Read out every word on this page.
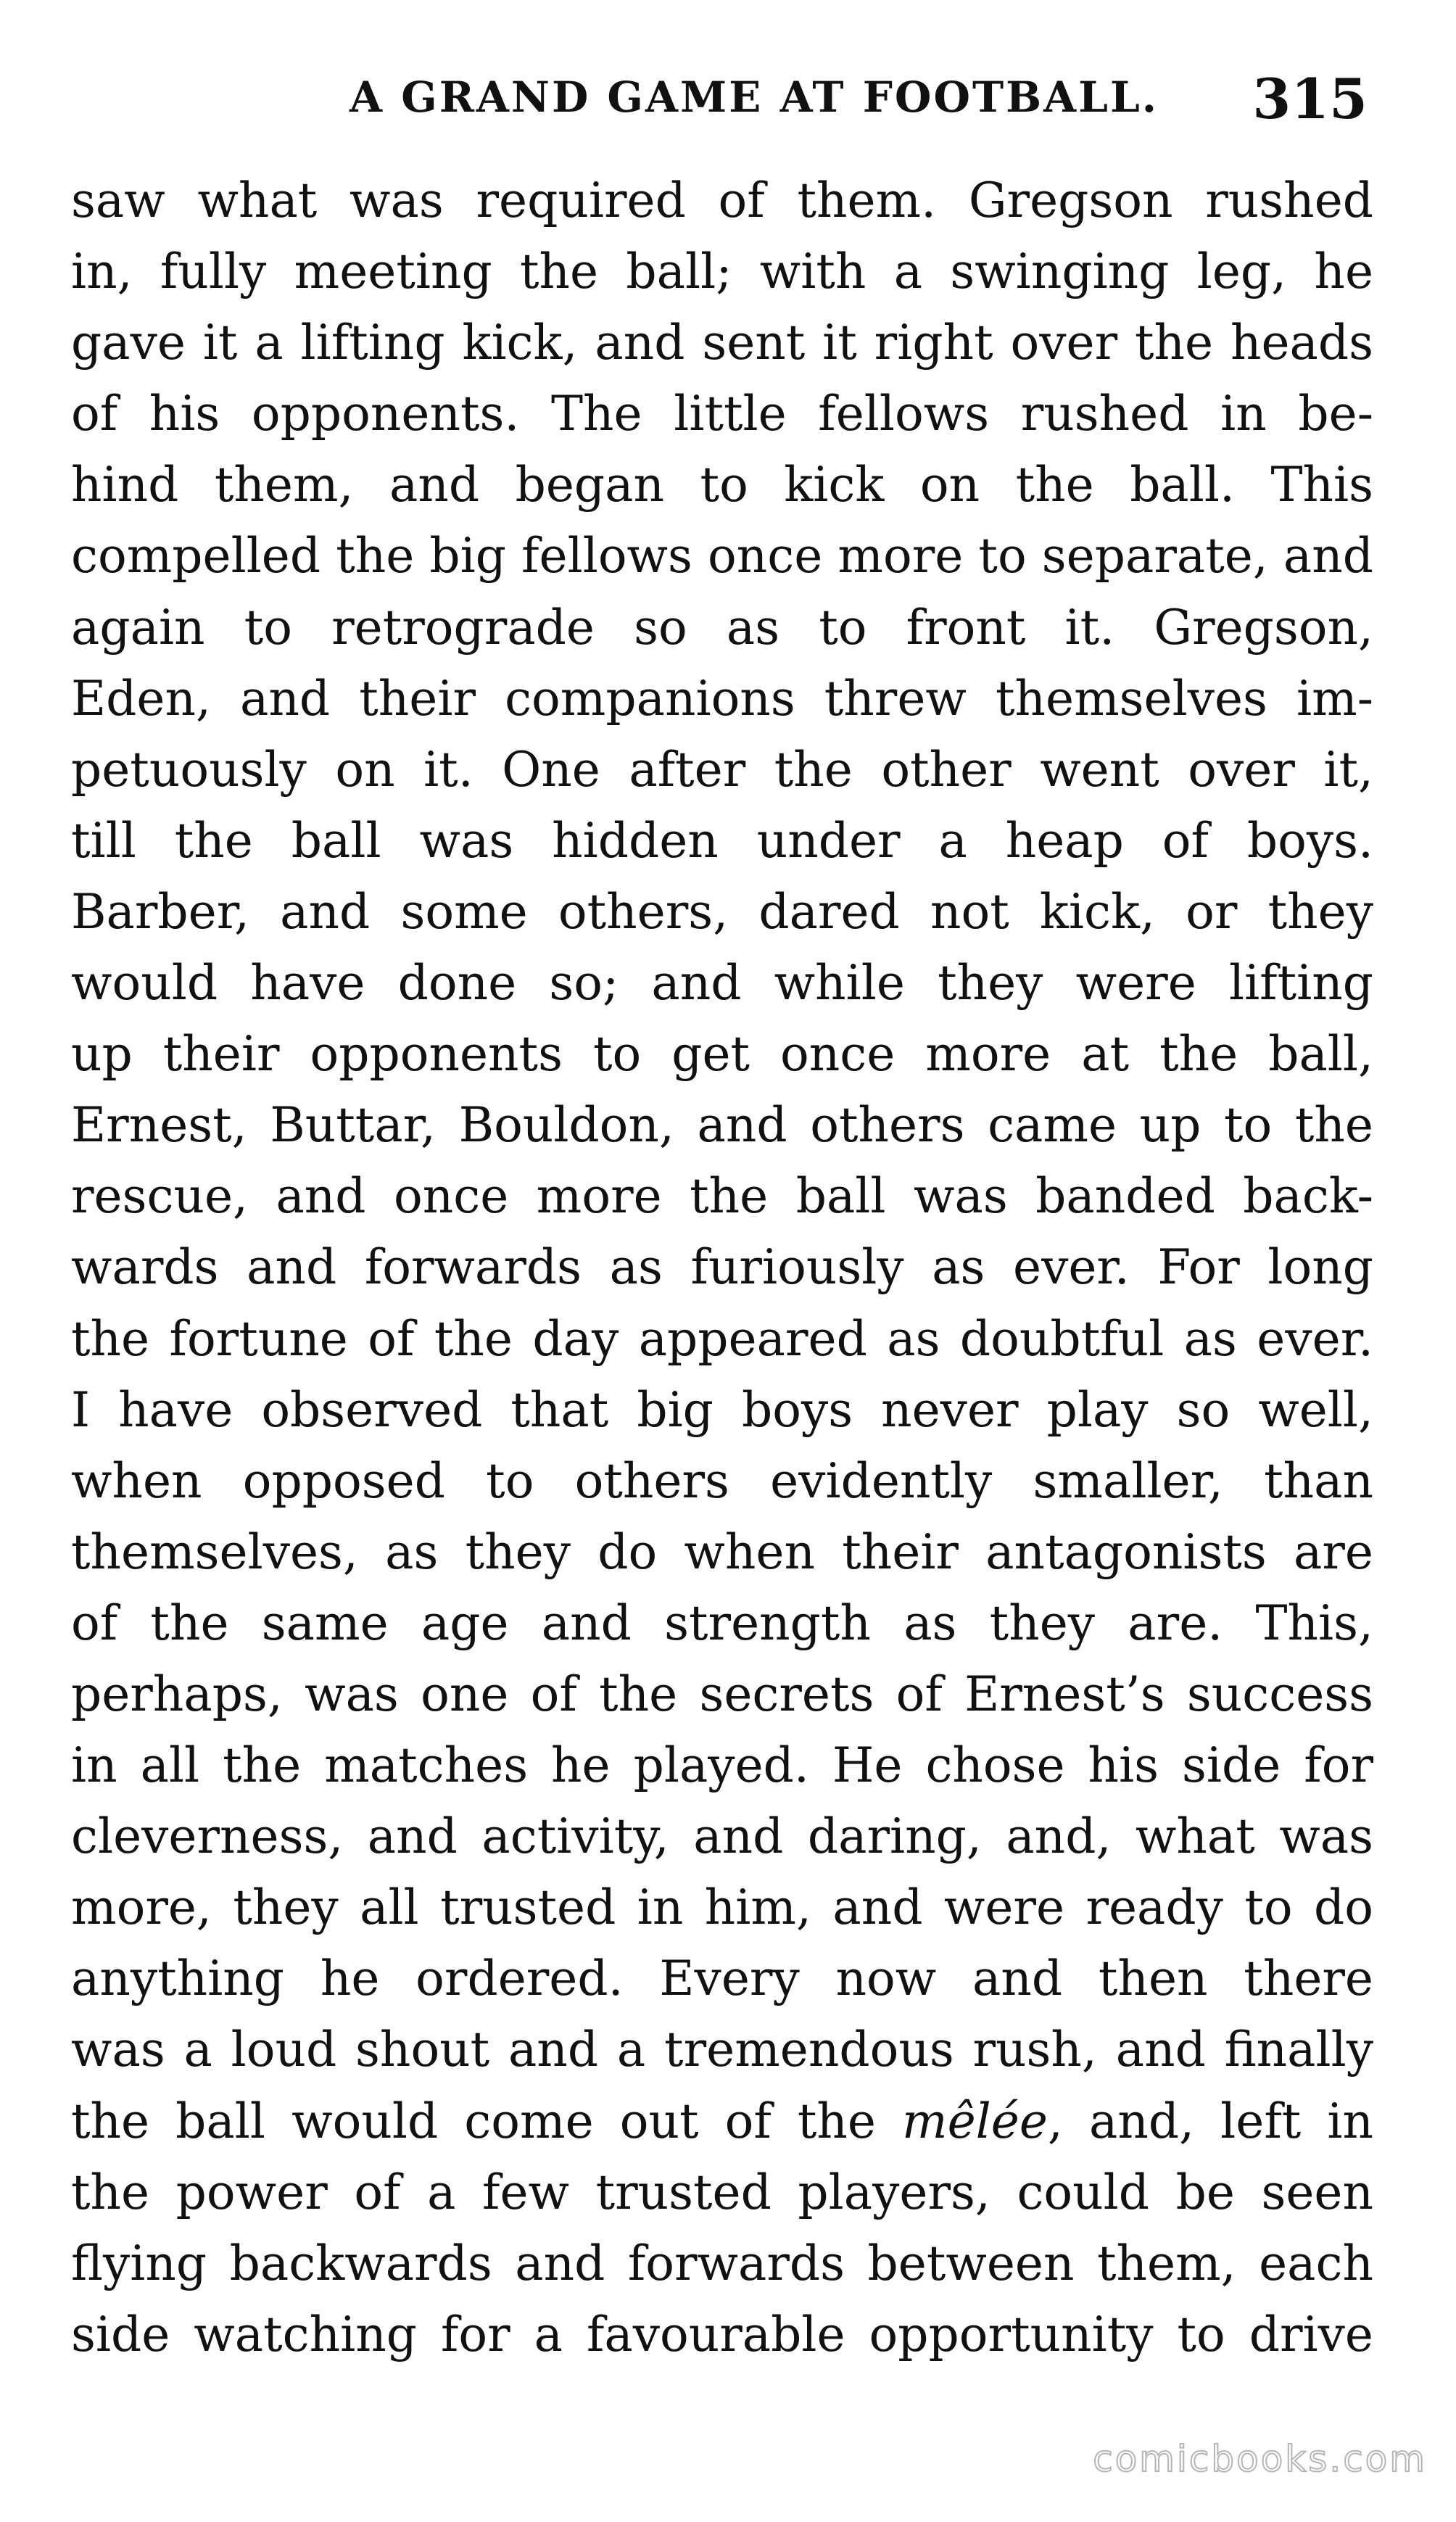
A GRAND GAME AT FOOTBALL. 315
saw what was required of them. Gregson rushed
in, fully meeting the ball; with a swinging leg, he
gave it a lifting kick, and sent it right over the heads
of his opponents. The little fellows rushed in be-
hind them, and began to kick on the ball. This
compelled the big fellows once more to separate, and
again to retrograde so as to front it. Gregson,
Eden, and their companions threw themselves im-
petuously on it. One after the other went over it,
till the ball was hidden under a heap of boys.
Barber, and some others, dared not kick, or they
would have done so; and while they were lifting
up their opponents to get once more at the ball,
Ernest, Buttar, Bouldon, and others came up to the
rescue, and once more the ball was banded back-
wards and forwards as furiously as ever. For long
the fortune of the day appeared as doubtful as ever.
I have observed that big boys never play so well,
when opposed to others evidently smaller, than
themselves, as they do when their antagonists are
of the same age and strength as they are. This,
perhaps, was one of the secrets of Ernest’s success
in all the matches he played. He chose his side for
cleverness, and activity, and daring, and, what was
more, they all trusted in him, and were ready to do
anything he ordered. Every now and then there
was a loud shout and a tremendous rush, and finally
the ball would come out of the mêlée, and, left in
the power of a few trusted players, could be seen
flying backwards and forwards between them, each
side watching for a favourable opportunity to drive
comicbooks.com
